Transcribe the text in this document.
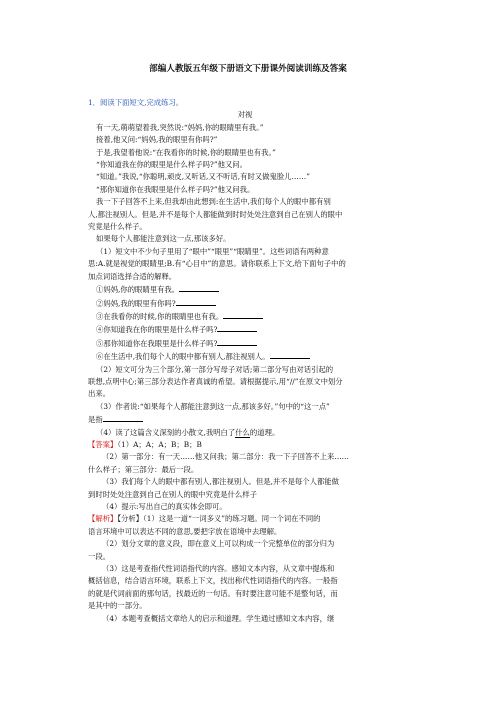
部编人教版五年级下册语文下册课外阅读训练及答案

1．阅读下面短文,完成练习。

对视

有一天,萌萌望着我,突然说:“妈妈,你的眼睛里有我。”

接着,他又问:“妈妈,我的眼里有你吗?”

于是,我望着他说:“在我看你的时候,你的眼睛里也有我。”

“你知道我在你的眼里是什么样子吗?”他又问。

“知道。”我说,“你聪明,顽皮,又听话,又不听话,有时又做鬼脸儿……”

“那你知道你在我眼里是什么样子吗?”他又问我。

我一下子回答不上来,但我却由此想到:在生活中,我们每个人的眼中都有别

人,都注视别人。但是,并不是每个人都能做到时时处处注意到自己在别人的眼中

究竟是什么样子。

如果每个人都能注意到这一点,那该多好。

（1）短文中不少句子里用了“眼中”“眼里”“眼睛里”。这些词语有两种意

思:A.就是视觉的眼睛里;B.有“心目中”的意思。请你联系上下文,给下面句子中的

加点词语选择合适的解释。

①妈妈,你的眼睛里有我。

②妈妈,我的眼里有你吗?

③在我看你的时候,你的眼睛里也有我。

④你知道我在你的眼里是什么样子吗?

⑤那你知道你在我眼里是什么样子吗?

⑥在生活中,我们每个人的眼中都有别人,都注视别人。

（2）短文可分为三个部分,第一部分写母子对话;第二部分写由对话引起的

联想,点明中心;第三部分表达作者真诚的希望。请根据提示,用“//”在原文中划分

出来。

（3）作者说:“如果每个人都能注意到这一点,那该多好。”句中的“这一点”

是指

（4）读了这篇含义深刻的小散文,我明白了什么的道理。

【答案】（1）A；A；A；B；B；B

（2）第一部分：有一天……他又问我；第二部分：我一下子回答不上来……

什么样子；第三部分：最后一段。

（3）我们每个人的眼中都有别人,都注视别人。但是,并不是每个人都能做

到时时处处注意到自己在别人的眼中究竟是什么样子

（4）提示:写出自己的真实体会即可。

【解析】【分析】（1）这是一道“一词多义”的练习题。同一个词在不同的

语言环境中可以表达不同的意思,要把字放在语境中去理解。

（2）划分文章的意义段，即在意义上可以构成一个完整单位的部分归为

一段。

（3）这是考查指代性词语指代的内容。感知文本内容，从文章中提炼和

概括信息，结合语言环境，联系上下文，找出称代性词语指代的内容。一般指

的就是代词前面的那句话，找最近的一句话。有时要注意可能不是整句话，而

是其中的一部分。

（4）本题考查概括文章给人的启示和道理。学生通过感知文本内容，继
